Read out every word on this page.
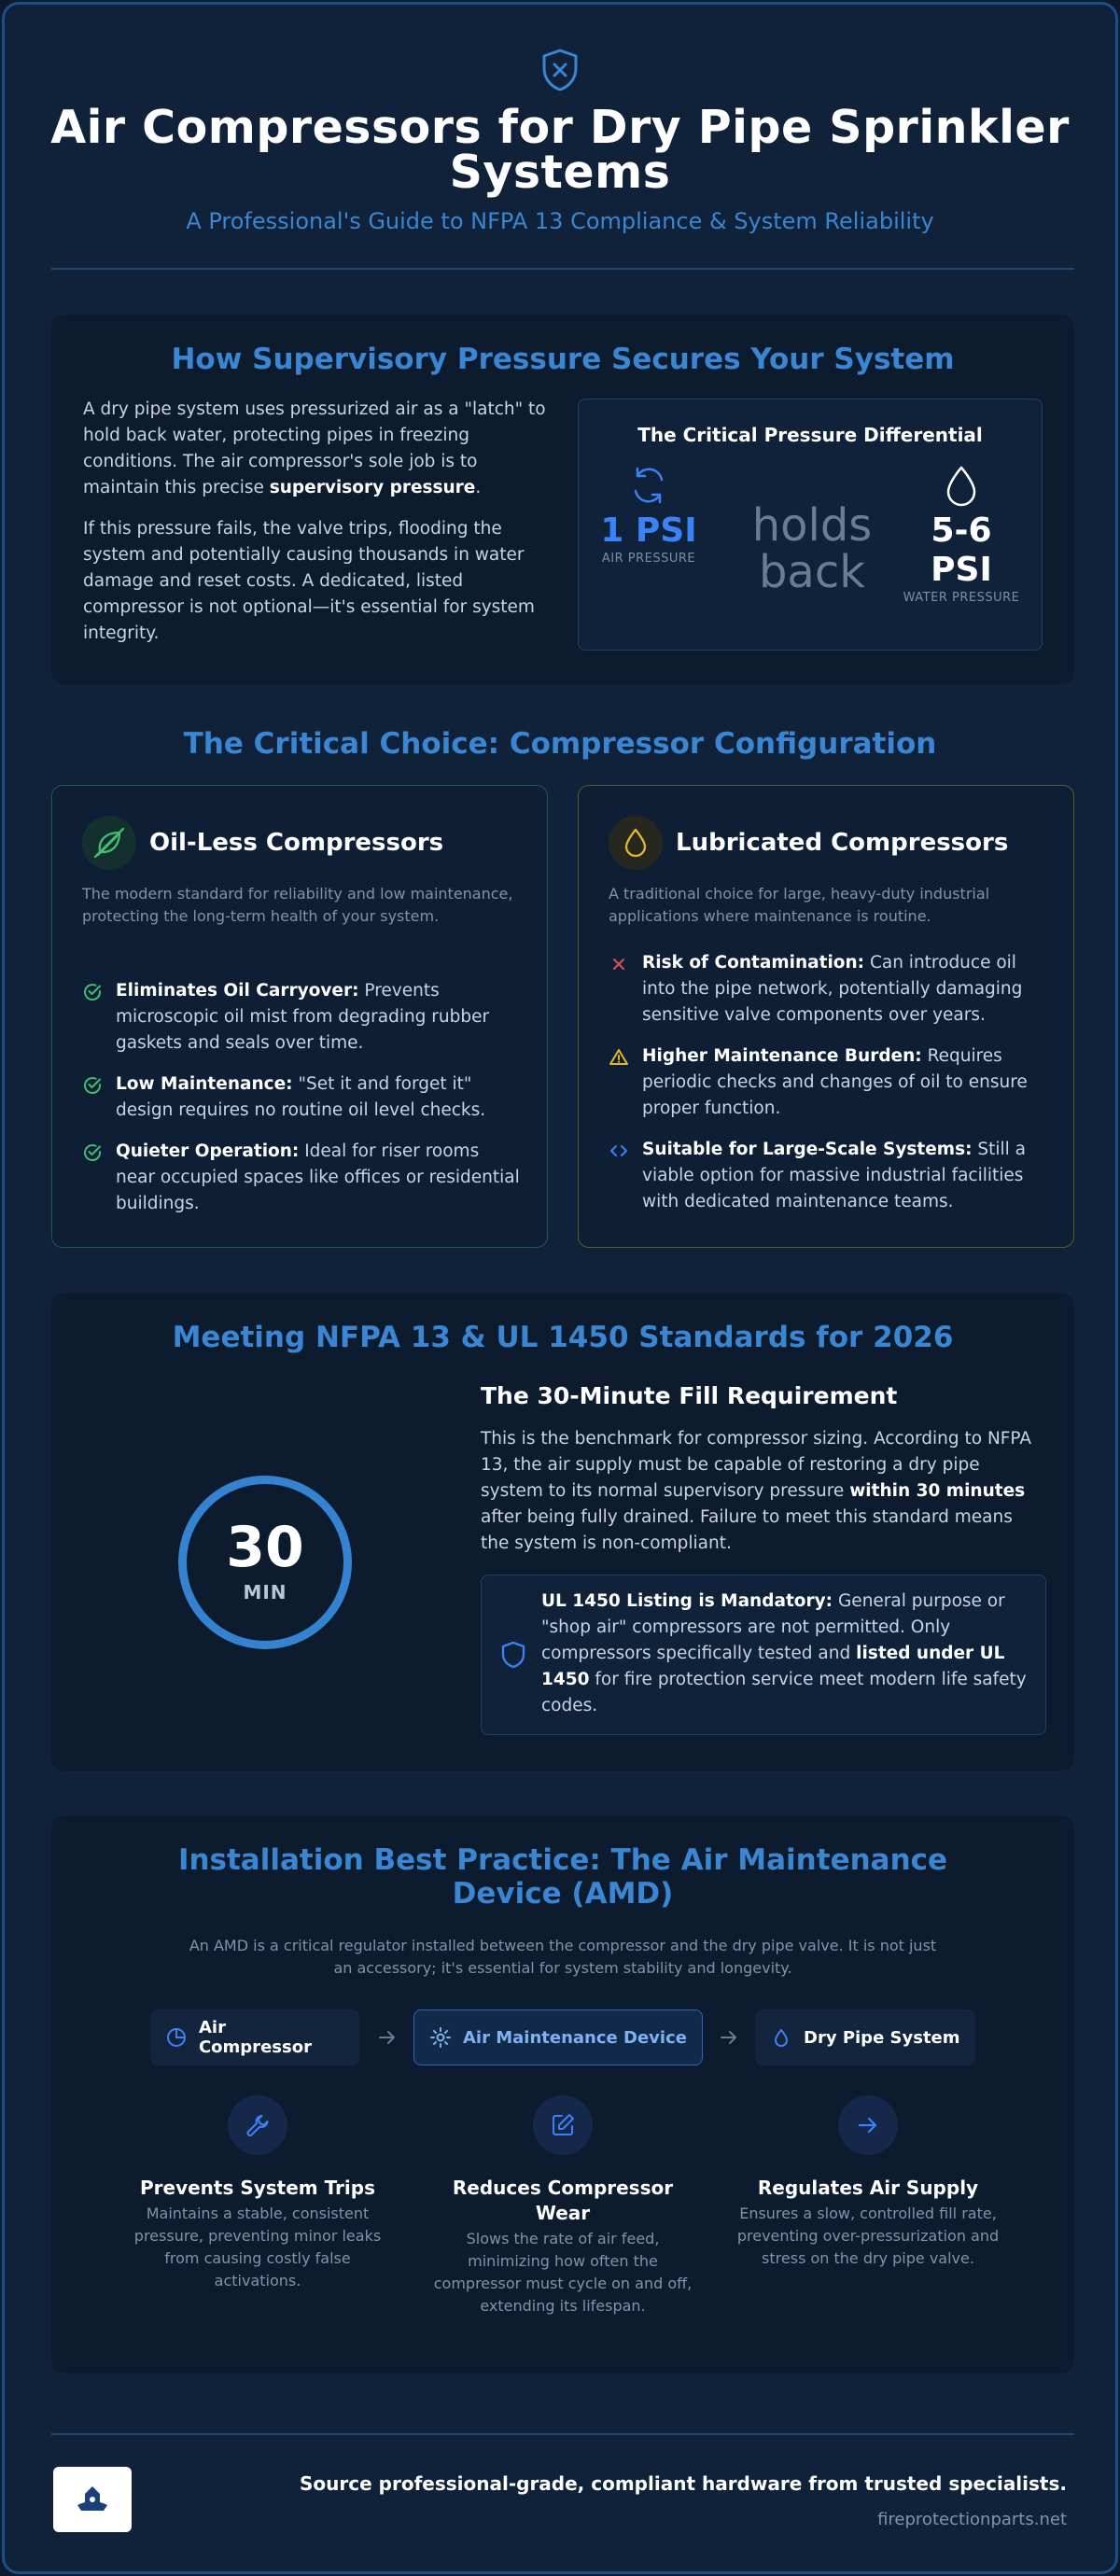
Air Compressors for Dry Pipe Sprinkler Systems
A Professional's Guide to NFPA 13 Compliance & System Reliability
How Supervisory Pressure Secures Your System

A dry pipe system uses pressurized air as a "latch" to hold back water, protecting pipes in freezing conditions. The air compressor's sole job is to maintain this precise supervisory pressure.

If this pressure fails, the valve trips, flooding the system and potentially causing thousands in water damage and reset costs. A dedicated, listed compressor is not optional—it's essential for system integrity.

The Critical Pressure Differential
1 PSI
AIR PRESSURE
holds back
5-6 PSI
WATER PRESSURE
The Critical Choice: Compressor Configuration
Oil-Less Compressors
The modern standard for reliability and low maintenance, protecting the long-term health of your system.
Eliminates Oil Carryover: Prevents microscopic oil mist from degrading rubber gaskets and seals over time.
Low Maintenance: "Set it and forget it" design requires no routine oil level checks.
Quieter Operation: Ideal for riser rooms near occupied spaces like offices or residential buildings.
Lubricated Compressors
A traditional choice for large, heavy-duty industrial applications where maintenance is routine.
Risk of Contamination: Can introduce oil into the pipe network, potentially damaging sensitive valve components over years.
Higher Maintenance Burden: Requires periodic checks and changes of oil to ensure proper function.
Suitable for Large-Scale Systems: Still a viable option for massive industrial facilities with dedicated maintenance teams.
Meeting NFPA 13 & UL 1450 Standards for 2026
30
MIN
The 30-Minute Fill Requirement
This is the benchmark for compressor sizing. According to NFPA 13, the air supply must be capable of restoring a dry pipe system to its normal supervisory pressure within 30 minutes after being fully drained. Failure to meet this standard means the system is non-compliant.
UL 1450 Listing is Mandatory: General purpose or "shop air" compressors are not permitted. Only compressors specifically tested and listed under UL 1450 for fire protection service meet modern life safety codes.
Installation Best Practice: The Air Maintenance Device (AMD)
An AMD is a critical regulator installed between the compressor and the dry pipe valve. It is not just an accessory; it's essential for system stability and longevity.
Air Compressor	Air Maintenance Device	Dry Pipe System
Prevents System Trips

Maintains a stable, consistent pressure, preventing minor leaks from causing costly false activations.

Reduces Compressor Wear

Slows the rate of air feed, minimizing how often the compressor must cycle on and off, extending its lifespan.

Regulates Air Supply

Ensures a slow, controlled fill rate, preventing over-pressurization and stress on the dry pipe valve.

Source professional-grade, compliant hardware from trusted specialists.
fireprotectionparts.net
